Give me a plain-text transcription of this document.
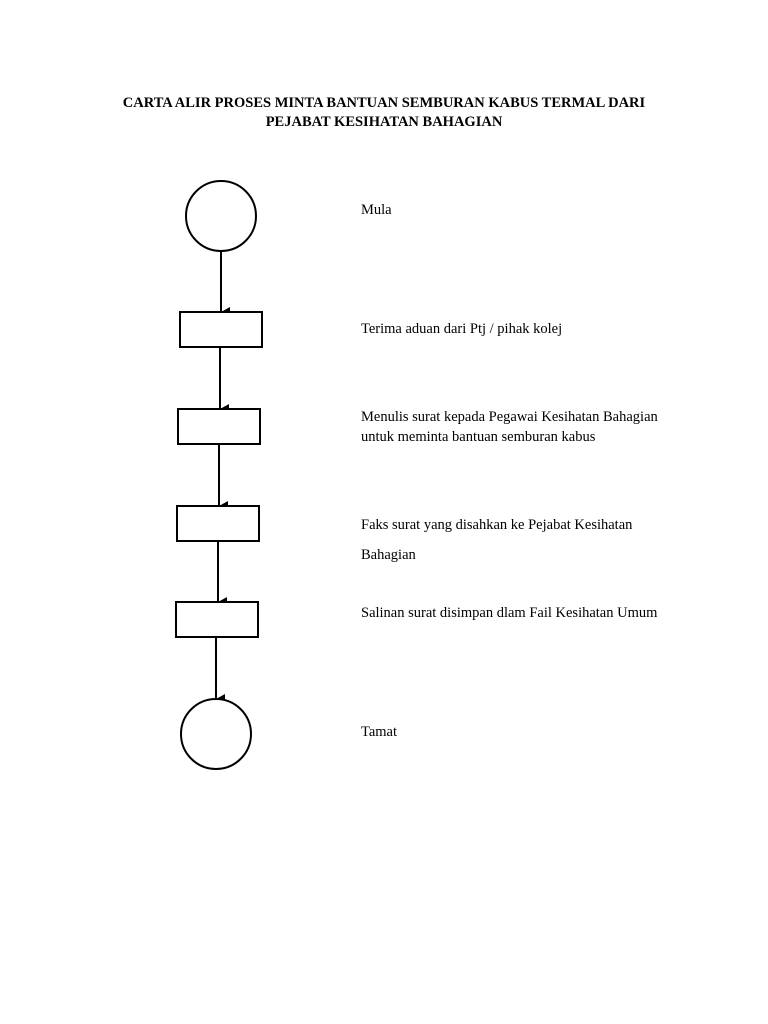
CARTA ALIR PROSES MINTA BANTUAN SEMBURAN KABUS TERMAL DARI
PEJABAT KESIHATAN BAHAGIAN
Mula
Terima aduan dari Ptj / pihak kolej
Menulis surat kepada Pegawai Kesihatan Bahagian
untuk meminta bantuan semburan kabus
Faks surat yang disahkan ke Pejabat Kesihatan
Bahagian
Salinan surat disimpan dlam Fail Kesihatan Umum
Tamat
